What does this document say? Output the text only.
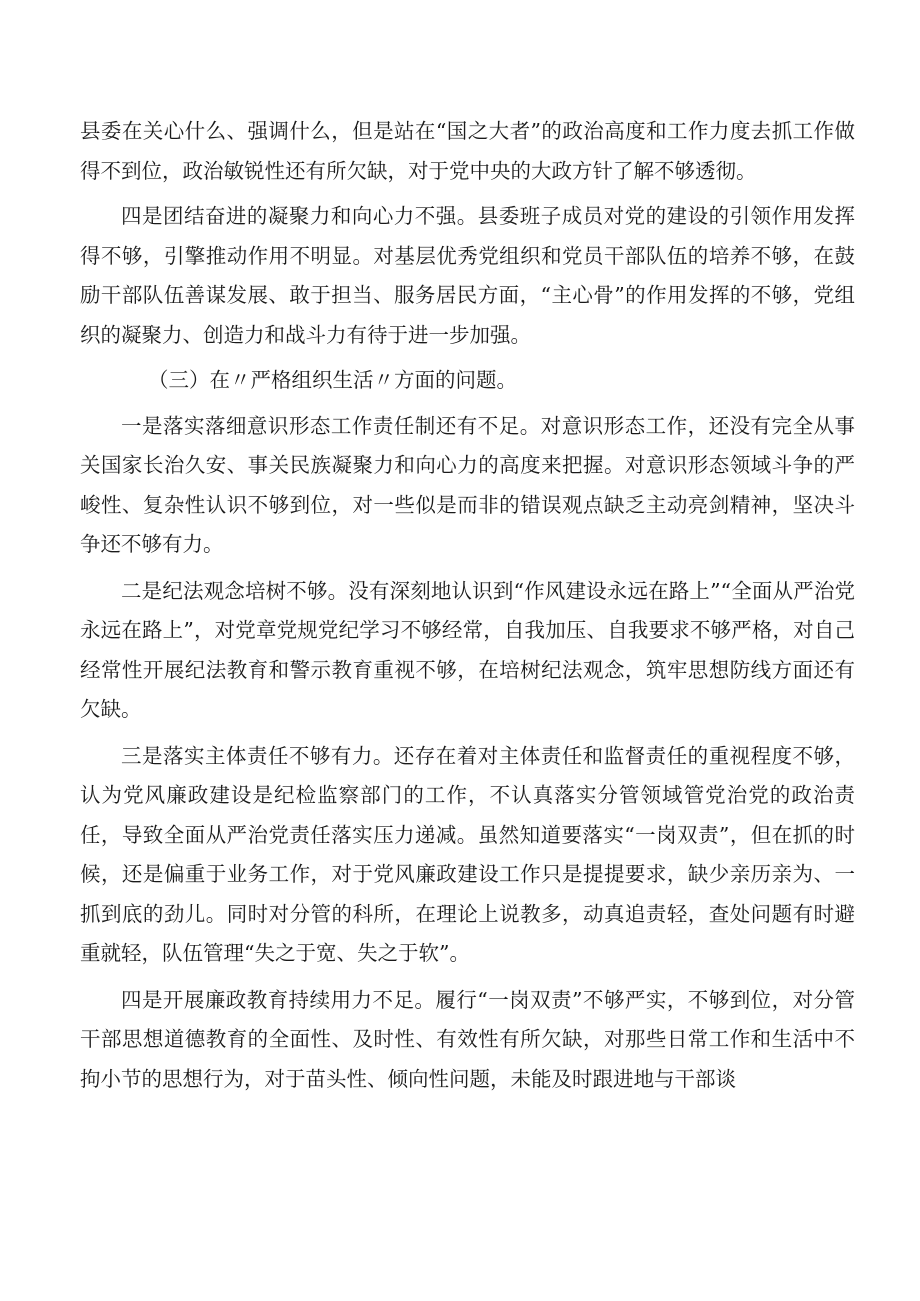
县委在关心什么、强调什么，但是站在“国之大者”的政治高度和工作力度去抓工作做得不到位，政治敏锐性还有所欠缺，对于党中央的大政方针了解不够透彻。

四是团结奋进的凝聚力和向心力不强。县委班子成员对党的建设的引领作用发挥得不够，引擎推动作用不明显。对基层优秀党组织和党员干部队伍的培养不够，在鼓励干部队伍善谋发展、敢于担当、服务居民方面，“主心骨”的作用发挥的不够，党组织的凝聚力、创造力和战斗力有待于进一步加强。

（三）在〃严格组织生活〃方面的问题。

一是落实落细意识形态工作责任制还有不足。对意识形态工作，还没有完全从事关国家长治久安、事关民族凝聚力和向心力的高度来把握。对意识形态领域斗争的严峻性、复杂性认识不够到位，对一些似是而非的错误观点缺乏主动亮剑精神，坚决斗争还不够有力。

二是纪法观念培树不够。没有深刻地认识到“作风建设永远在路上”“全面从严治党永远在路上”，对党章党规党纪学习不够经常，自我加压、自我要求不够严格，对自己经常性开展纪法教育和警示教育重视不够，在培树纪法观念，筑牢思想防线方面还有欠缺。

三是落实主体责任不够有力。还存在着对主体责任和监督责任的重视程度不够，认为党风廉政建设是纪检监察部门的工作，不认真落实分管领域管党治党的政治责任，导致全面从严治党责任落实压力递减。虽然知道要落实“一岗双责”，但在抓的时候，还是偏重于业务工作，对于党风廉政建设工作只是提提要求，缺少亲历亲为、一抓到底的劲儿。同时对分管的科所，在理论上说教多，动真追责轻，查处问题有时避重就轻，队伍管理“失之于宽、失之于软”。

四是开展廉政教育持续用力不足。履行“一岗双责”不够严实，不够到位，对分管干部思想道德教育的全面性、及时性、有效性有所欠缺，对那些日常工作和生活中不拘小节的思想行为，对于苗头性、倾向性问题，未能及时跟进地与干部谈
